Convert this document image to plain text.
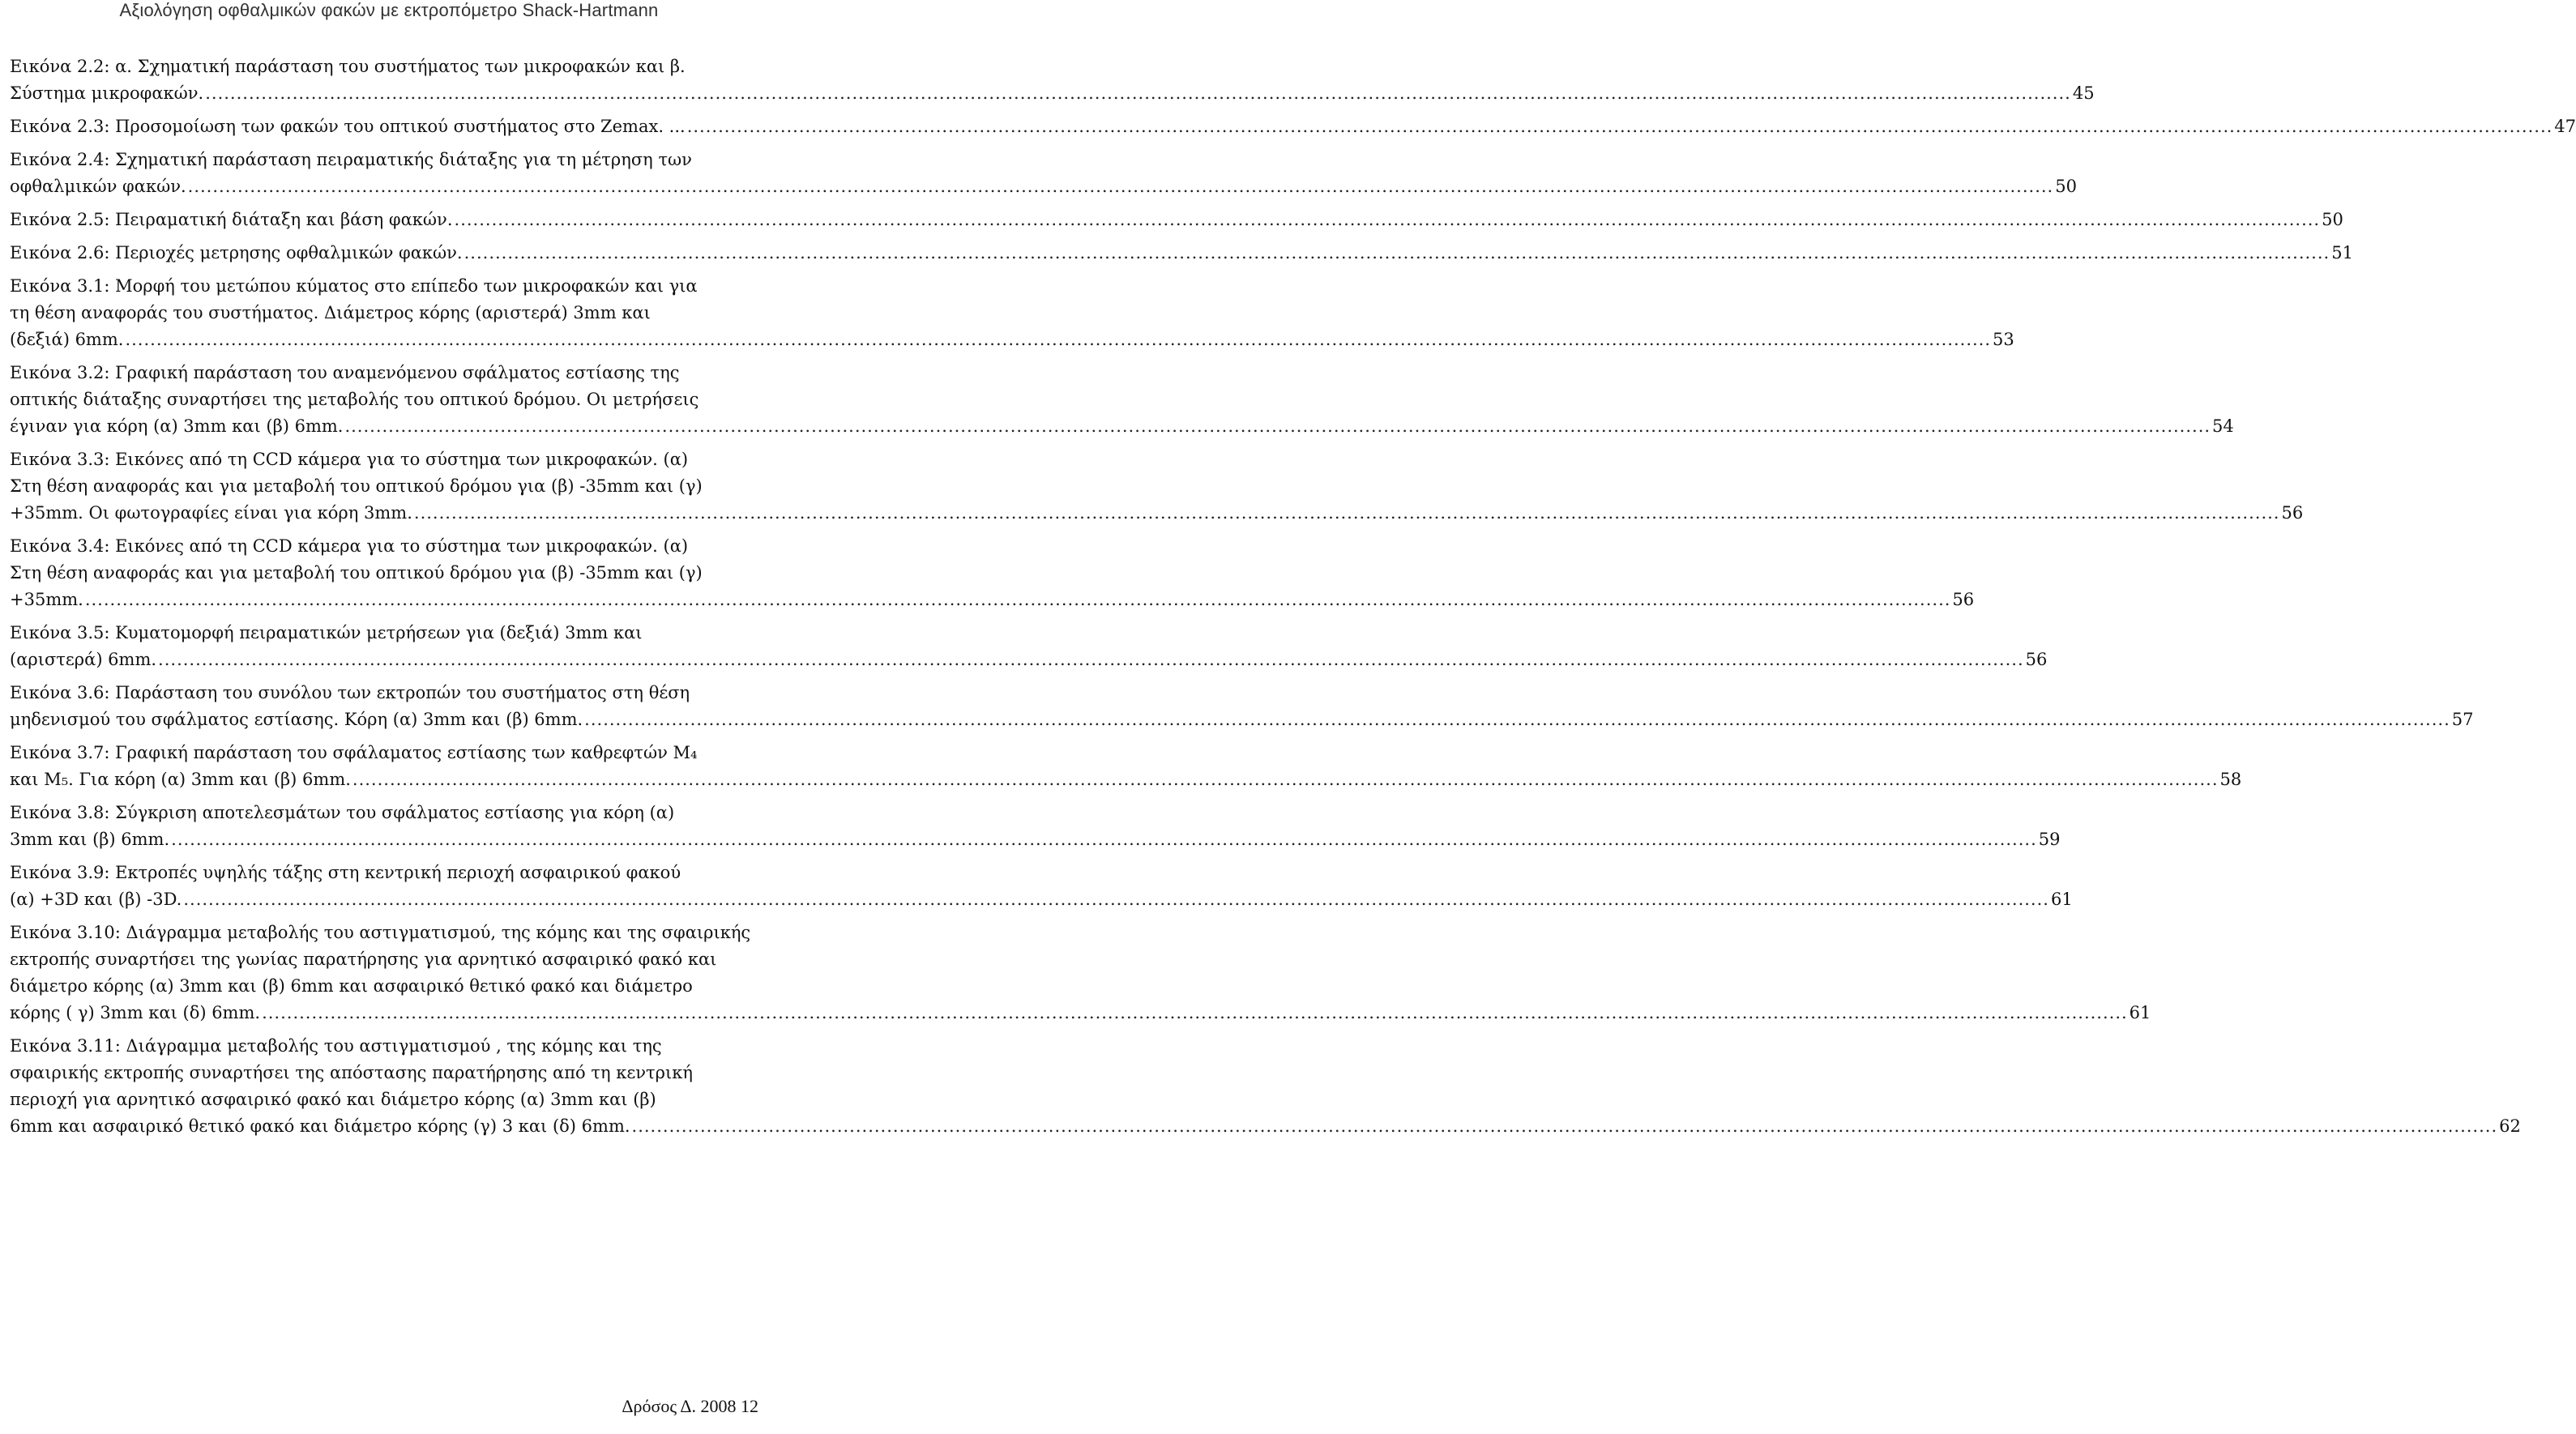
Αξιολόγηση οφθαλμικών φακών με εκτροπόμετρο Shack-Hartmann
Εικόνα 2.2: α. Σχηματική παράσταση του συστήματος των μικροφακών και β.
Σύστημα μικροφακών. ............................................................................................................................................................................................................................................................................................................ 45
Εικόνα 2.3: Προσομοίωση των φακών του οπτικού συστήματος στο Zemax. ... ............................................................................................................................................................................................................................................................................................................ 47
Εικόνα 2.4: Σχηματική παράσταση πειραματικής διάταξης για τη μέτρηση των
οφθαλμικών φακών. ............................................................................................................................................................................................................................................................................................................ 50
Εικόνα 2.5: Πειραματική διάταξη και βάση φακών. ............................................................................................................................................................................................................................................................................................................ 50
Εικόνα 2.6: Περιοχές μετρησης οφθαλμικών φακών. ............................................................................................................................................................................................................................................................................................................ 51
Εικόνα 3.1: Μορφή του μετώπου κύματος στο επίπεδο των μικροφακών και για
τη θέση αναφοράς του συστήματος. Διάμετρος κόρης (αριστερά) 3mm και
(δεξιά) 6mm. ............................................................................................................................................................................................................................................................................................................ 53
Εικόνα 3.2: Γραφική παράσταση του αναμενόμενου σφάλματος εστίασης της
οπτικής διάταξης συναρτήσει της μεταβολής του οπτικού δρόμου. Οι μετρήσεις
έγιναν για κόρη (α) 3mm και (β) 6mm. ............................................................................................................................................................................................................................................................................................................ 54
Εικόνα 3.3: Εικόνες από τη CCD κάμερα για το σύστημα των μικροφακών. (α)
Στη θέση αναφοράς και για μεταβολή του οπτικού δρόμου για (β) -35mm και (γ)
+35mm. Οι φωτογραφίες είναι για κόρη 3mm. ............................................................................................................................................................................................................................................................................................................ 56
Εικόνα 3.4: Εικόνες από τη CCD κάμερα για το σύστημα των μικροφακών. (α)
Στη θέση αναφοράς και για μεταβολή του οπτικού δρόμου για (β) -35mm και (γ)
+35mm. ............................................................................................................................................................................................................................................................................................................ 56
Εικόνα 3.5: Κυματομορφή πειραματικών μετρήσεων για (δεξιά) 3mm και
(αριστερά) 6mm. ............................................................................................................................................................................................................................................................................................................ 56
Εικόνα 3.6: Παράσταση του συνόλου των εκτροπών του συστήματος στη θέση
μηδενισμού του σφάλματος εστίασης. Κόρη (α) 3mm και (β) 6mm. ............................................................................................................................................................................................................................................................................................................ 57
Εικόνα 3.7: Γραφική παράσταση του σφάλαματος εστίασης των καθρεφτών M₄
και M₅. Για κόρη (α) 3mm και (β) 6mm. ............................................................................................................................................................................................................................................................................................................ 58
Εικόνα 3.8: Σύγκριση αποτελεσμάτων του σφάλματος εστίασης για κόρη (α)
3mm και (β) 6mm. ............................................................................................................................................................................................................................................................................................................ 59
Εικόνα 3.9: Εκτροπές υψηλής τάξης στη κεντρική περιοχή ασφαιρικού φακού
(α) +3D και (β) -3D. ............................................................................................................................................................................................................................................................................................................ 61
Εικόνα 3.10: Διάγραμμα μεταβολής του αστιγματισμού, της κόμης και της σφαιρικής
εκτροπής συναρτήσει της γωνίας παρατήρησης για αρνητικό ασφαιρικό φακό και
διάμετρο κόρης (α) 3mm και (β) 6mm και ασφαιρικό θετικό φακό και διάμετρο
κόρης ( γ) 3mm και (δ) 6mm. ............................................................................................................................................................................................................................................................................................................ 61
Εικόνα 3.11: Διάγραμμα μεταβολής του αστιγματισμού , της κόμης και της
σφαιρικής εκτροπής συναρτήσει της απόστασης παρατήρησης από τη κεντρική
περιοχή για αρνητικό ασφαιρικό φακό και διάμετρο κόρης (α) 3mm και (β)
6mm και ασφαιρικό θετικό φακό και διάμετρο κόρης (γ) 3 και (δ) 6mm. ............................................................................................................................................................................................................................................................................................................ 62
Δρόσος Δ. 2008 12
